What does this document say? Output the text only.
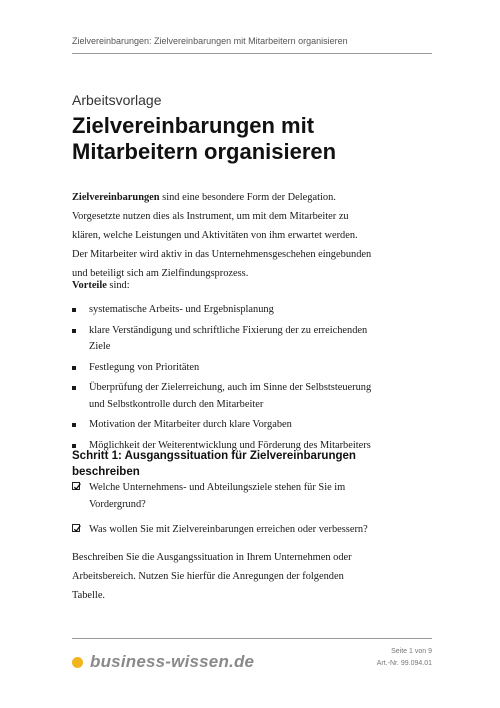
Zielvereinbarungen: Zielvereinbarungen mit Mitarbeitern organisieren
Arbeitsvorlage
Zielvereinbarungen mit Mitarbeitern organisieren

Zielvereinbarungen sind eine besondere Form der Delegation. Vorgesetzte nutzen dies als Instrument, um mit dem Mitarbeiter zu klären, welche Leistungen und Aktivitäten von ihm erwartet werden. Der Mitarbeiter wird aktiv in das Unternehmensgeschehen eingebunden und beteiligt sich am Zielfindungsprozess.

Vorteile sind:

systematische Arbeits- und Ergebnisplanung
klare Verständigung und schriftliche Fixierung der zu erreichenden Ziele
Festlegung von Prioritäten
Überprüfung der Zielerreichung, auch im Sinne der Selbststeuerung und Selbstkontrolle durch den Mitarbeiter
Motivation der Mitarbeiter durch klare Vorgaben
Möglichkeit der Weiterentwicklung und Förderung des Mitarbeiters
Schritt 1: Ausgangssituation für Zielvereinbarungen beschreiben
Welche Unternehmens- und Abteilungsziele stehen für Sie im Vordergrund?
Was wollen Sie mit Zielvereinbarungen erreichen oder verbessern?

Beschreiben Sie die Ausgangssituation in Ihrem Unternehmen oder Arbeitsbereich. Nutzen Sie hierfür die Anregungen der folgenden Tabelle.

business-wissen.de
Seite 1 von 9
Art.-Nr. 99.094.01
